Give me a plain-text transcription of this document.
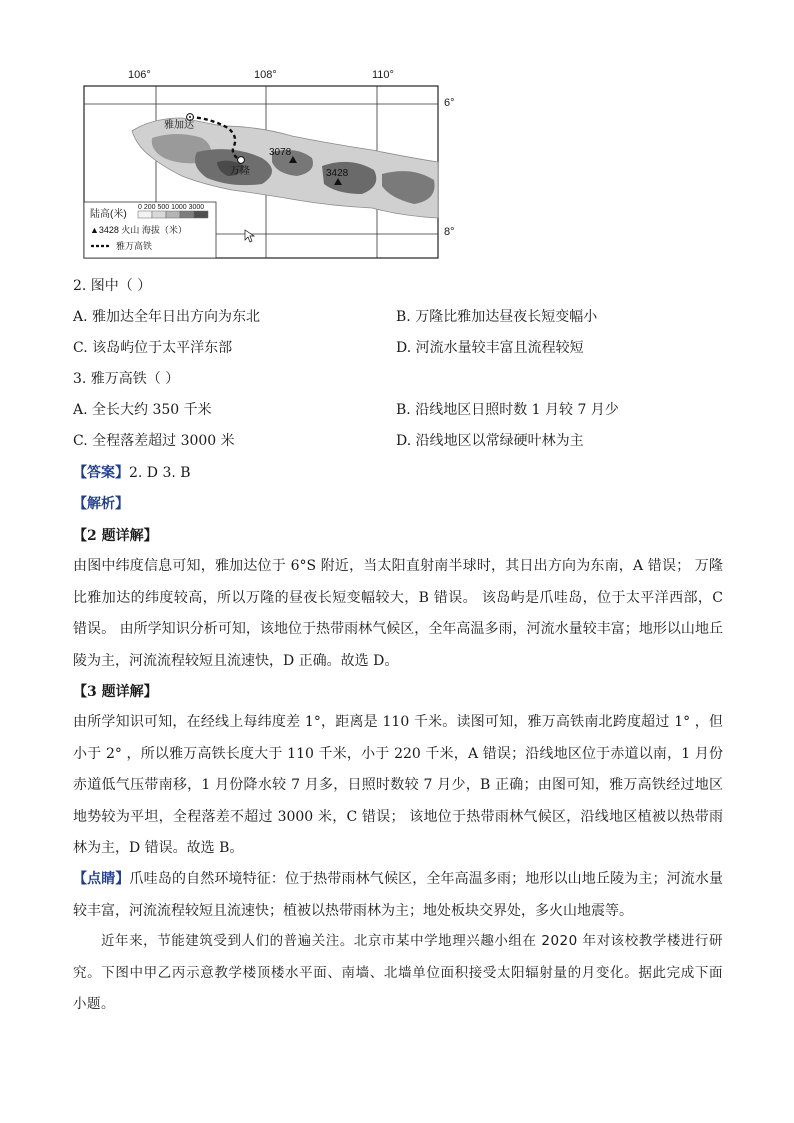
雅加达
万隆
3078
3428
陆高(米)
0 200 500 1000 3000
▲3428 火山 海拔（米）
雅万高铁
106°	108°	110°
6°
8°
2. 图中（ ）
A. 雅加达全年日出方向为东北	B. 万隆比雅加达昼夜长短变幅小
C. 该岛屿位于太平洋东部	D. 河流水量较丰富且流程较短
3. 雅万高铁（ ）
A. 全长大约 350 千米	B. 沿线地区日照时数 1 月较 7 月少
C. 全程落差超过 3000 米	D. 沿线地区以常绿硬叶林为主
【答案】2. D 3. B
【解析】
【2 题详解】
由图中纬度信息可知，雅加达位于 6°S 附近，当太阳直射南半球时，其日出方向为东南，A 错误； 万隆比雅加达的纬度较高，所以万隆的昼夜长短变幅较大，B 错误。 该岛屿是爪哇岛，位于太平洋西部，C 错误。 由所学知识分析可知，该地位于热带雨林气候区，全年高温多雨，河流水量较丰富；地形以山地丘陵为主，河流流程较短且流速快，D 正确。故选 D。
【3 题详解】
由所学知识可知，在经线上每纬度差 1°，距离是 110 千米。读图可知，雅万高铁南北跨度超过 1° ，但小于 2° ，所以雅万高铁长度大于 110 千米，小于 220 千米，A 错误；沿线地区位于赤道以南，1 月份赤道低气压带南移，1 月份降水较 7 月多，日照时数较 7 月少，B 正确；由图可知，雅万高铁经过地区地势较为平坦，全程落差不超过 3000 米，C 错误； 该地位于热带雨林气候区，沿线地区植被以热带雨林为主，D 错误。故选 B。
【点睛】爪哇岛的自然环境特征：位于热带雨林气候区，全年高温多雨；地形以山地丘陵为主；河流水量较丰富，河流流程较短且流速快；植被以热带雨林为主；地处板块交界处，多火山地震等。
近年来，节能建筑受到人们的普遍关注。北京市某中学地理兴趣小组在 2020 年对该校教学楼进行研究。下图中甲乙丙示意教学楼顶楼水平面、南墙、北墙单位面积接受太阳辐射量的月变化。据此完成下面小题。
